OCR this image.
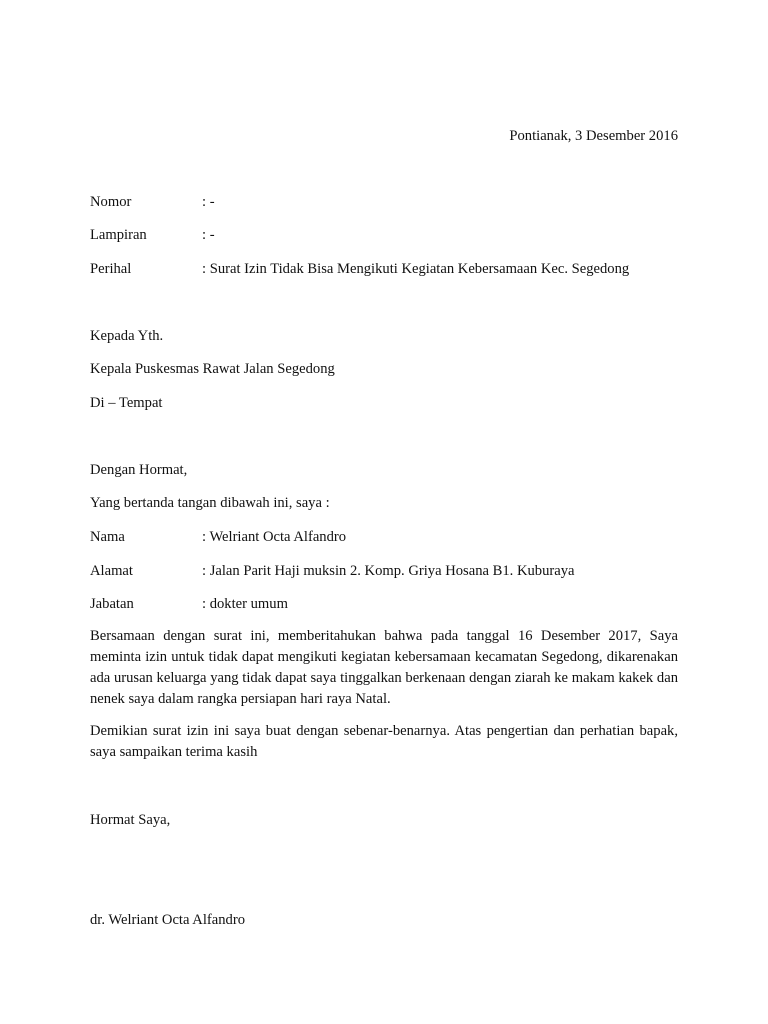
Pontianak, 3 Desember 2016
Nomor	: -
Lampiran	: -
Perihal	: Surat Izin Tidak Bisa Mengikuti Kegiatan Kebersamaan Kec. Segedong
Kepada Yth.
Kepala Puskesmas Rawat Jalan Segedong
Di – Tempat
Dengan Hormat,
Yang bertanda tangan dibawah ini, saya :
Nama	: Welriant Octa Alfandro
Alamat	: Jalan Parit Haji muksin 2. Komp. Griya Hosana B1. Kuburaya
Jabatan	: dokter umum

Bersamaan dengan surat ini, memberitahukan bahwa pada tanggal 16 Desember 2017, Saya meminta izin untuk tidak dapat mengikuti kegiatan kebersamaan kecamatan Segedong, dikarenakan ada urusan keluarga yang tidak dapat saya tinggalkan berkenaan dengan ziarah ke makam kakek dan nenek saya dalam rangka persiapan hari raya Natal.

Demikian surat izin ini saya buat dengan sebenar-benarnya. Atas pengertian dan perhatian bapak, saya sampaikan terima kasih

Hormat Saya,
dr. Welriant Octa Alfandro
